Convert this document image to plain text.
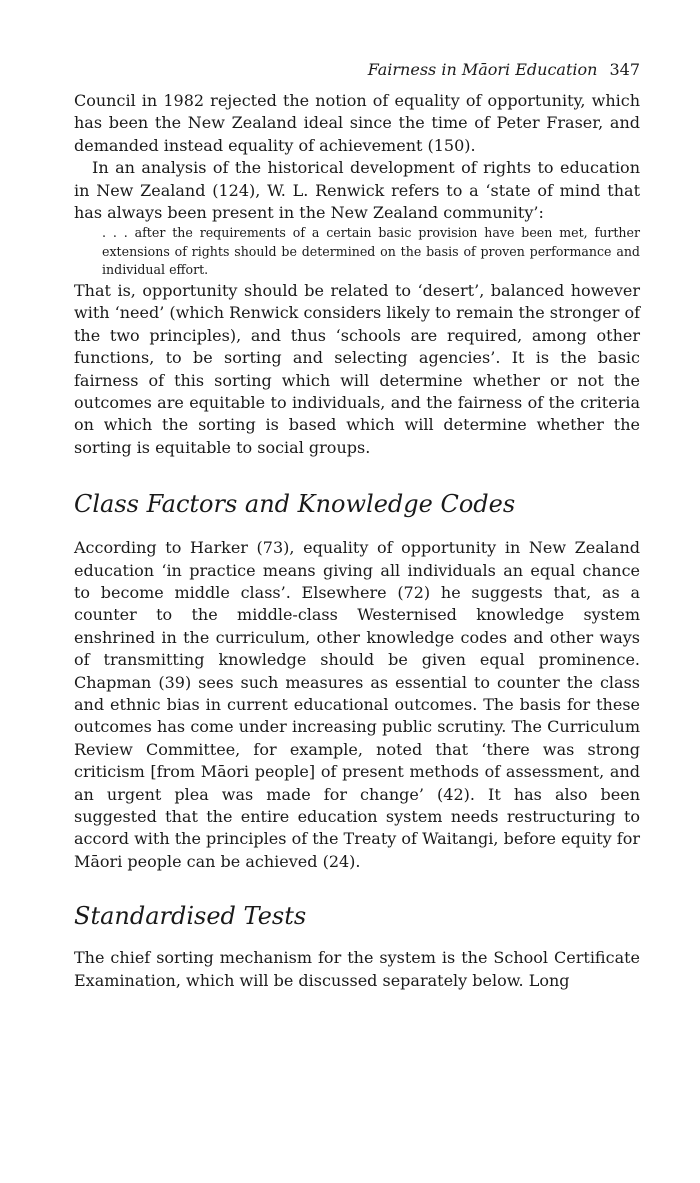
Fairness in Māori Education 347

Council in 1982 rejected the notion of equality of opportunity, which has been the New Zealand ideal since the time of Peter Fraser, and demanded instead equality of achievement (150).

In an analysis of the historical development of rights to education in New Zealand (124), W. L. Renwick refers to a ‘state of mind that has always been present in the New Zealand community’:

. . . after the requirements of a certain basic provision have been met, further extensions of rights should be determined on the basis of proven performance and individual effort.

That is, opportunity should be related to ‘desert’, balanced however with ‘need’ (which Renwick considers likely to remain the stronger of the two principles), and thus ‘schools are required, among other functions, to be sorting and selecting agencies’. It is the basic fairness of this sorting which will determine whether or not the outcomes are equitable to individuals, and the fairness of the criteria on which the sorting is based which will determine whether the sorting is equitable to social groups.

Class Factors and Knowledge Codes

According to Harker (73), equality of opportunity in New Zealand education ‘in practice means giving all individuals an equal chance to become middle class’. Elsewhere (72) he suggests that, as a counter to the middle-class Westernised knowledge system enshrined in the curriculum, other knowledge codes and other ways of transmitting knowledge should be given equal prominence. Chapman (39) sees such measures as essential to counter the class and ethnic bias in current educational outcomes. The basis for these outcomes has come under increasing public scrutiny. The Curriculum Review Committee, for example, noted that ‘there was strong criticism [from Māori people] of present methods of assessment, and an urgent plea was made for change’ (42). It has also been suggested that the entire education system needs restructuring to accord with the principles of the Treaty of Waitangi, before equity for Māori people can be achieved (24).

Standardised Tests

The chief sorting mechanism for the system is the School Certificate Examination, which will be discussed separately below. Long
